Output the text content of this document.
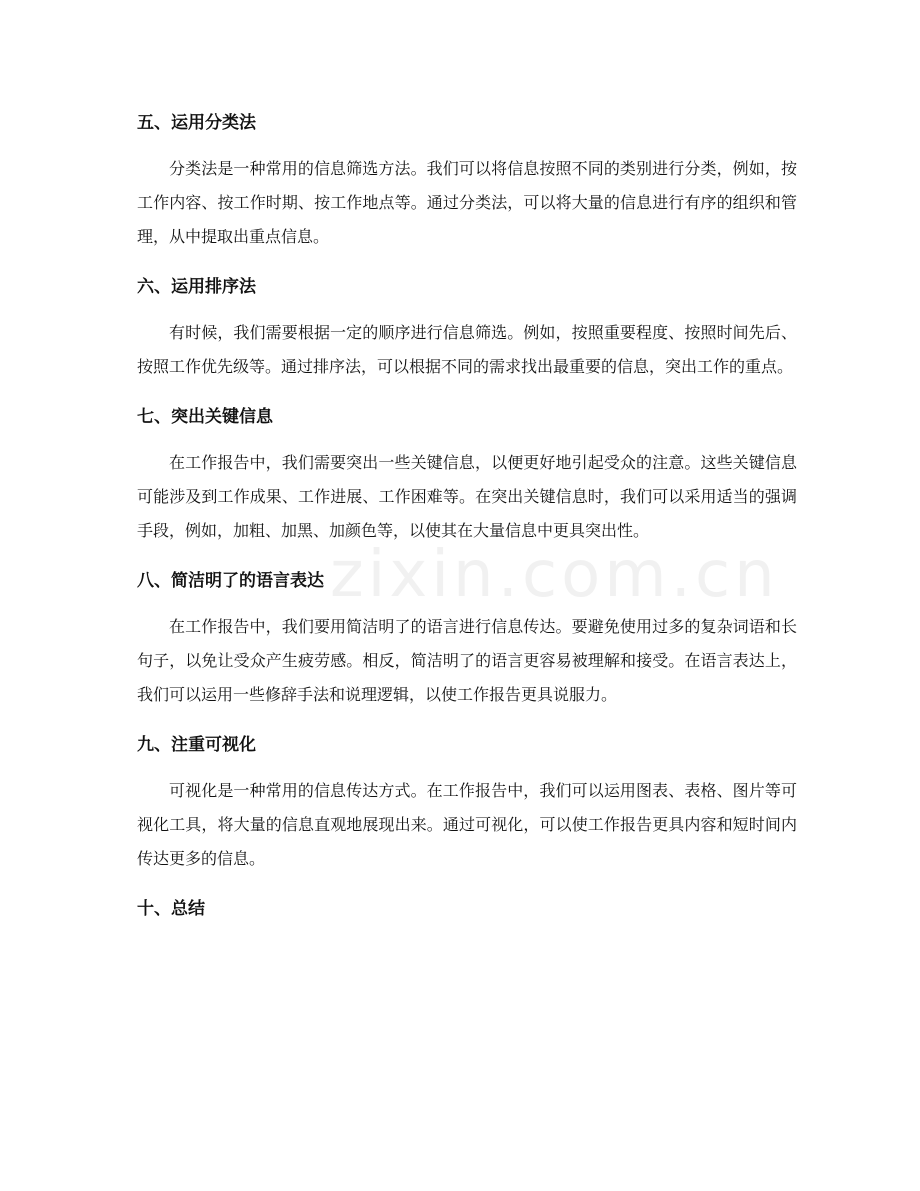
zixin.com.cn
五、运用分类法

分类法是一种常用的信息筛选方法。我们可以将信息按照不同的类别进行分类，例如，按工作内容、按工作时期、按工作地点等。通过分类法，可以将大量的信息进行有序的组织和管理，从中提取出重点信息。

六、运用排序法

有时候，我们需要根据一定的顺序进行信息筛选。例如，按照重要程度、按照时间先后、按照工作优先级等。通过排序法，可以根据不同的需求找出最重要的信息，突出工作的重点。

七、突出关键信息

在工作报告中，我们需要突出一些关键信息，以便更好地引起受众的注意。这些关键信息可能涉及到工作成果、工作进展、工作困难等。在突出关键信息时，我们可以采用适当的强调手段，例如，加粗、加黑、加颜色等，以使其在大量信息中更具突出性。

八、简洁明了的语言表达

在工作报告中，我们要用简洁明了的语言进行信息传达。要避免使用过多的复杂词语和长句子，以免让受众产生疲劳感。相反，简洁明了的语言更容易被理解和接受。在语言表达上，我们可以运用一些修辞手法和说理逻辑，以使工作报告更具说服力。

九、注重可视化

可视化是一种常用的信息传达方式。在工作报告中，我们可以运用图表、表格、图片等可视化工具，将大量的信息直观地展现出来。通过可视化，可以使工作报告更具内容和短时间内传达更多的信息。

十、总结
